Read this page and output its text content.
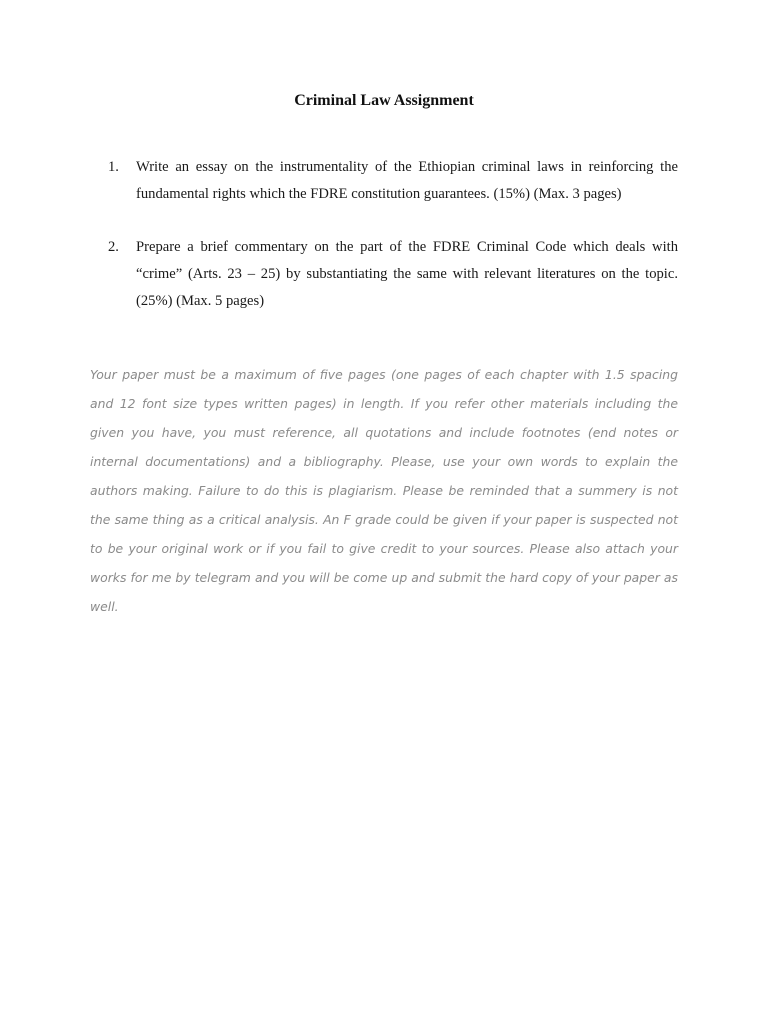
Criminal Law Assignment
1.	Write an essay on the instrumentality of the Ethiopian criminal laws in reinforcing the fundamental rights which the FDRE constitution guarantees. (15%) (Max. 3 pages)
2.	Prepare a brief commentary on the part of the FDRE Criminal Code which deals with “crime” (Arts. 23 – 25) by substantiating the same with relevant literatures on the topic. (25%) (Max. 5 pages)

Your paper must be a maximum of five pages (one pages of each chapter with 1.5 spacing and 12 font size types written pages) in length. If you refer other materials including the given you have, you must reference, all quotations and include footnotes (end notes or internal documentations) and a bibliography. Please, use your own words to explain the authors making. Failure to do this is plagiarism. Please be reminded that a summery is not the same thing as a critical analysis. An F grade could be given if your paper is suspected not to be your original work or if you fail to give credit to your sources. Please also attach your works for me by telegram and you will be come up and submit the hard copy of your paper as well.
